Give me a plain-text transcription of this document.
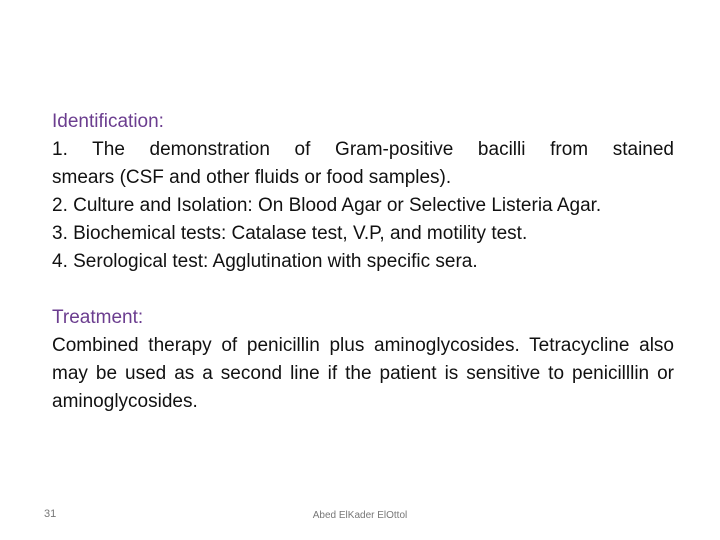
Identification:
1. The demonstration of Gram-positive bacilli from stained
smears (CSF and other fluids or food samples).
2. Culture and Isolation: On Blood Agar or Selective Listeria Agar.
3. Biochemical tests: Catalase test, V.P, and motility test.
4. Serological test: Agglutination with specific sera.
Treatment:

Combined therapy of penicillin plus aminoglycosides. Tetracycline also may be used as a second line if the patient is sensitive to penicilllin or aminoglycosides.

31	Abed ElKader ElOttol
